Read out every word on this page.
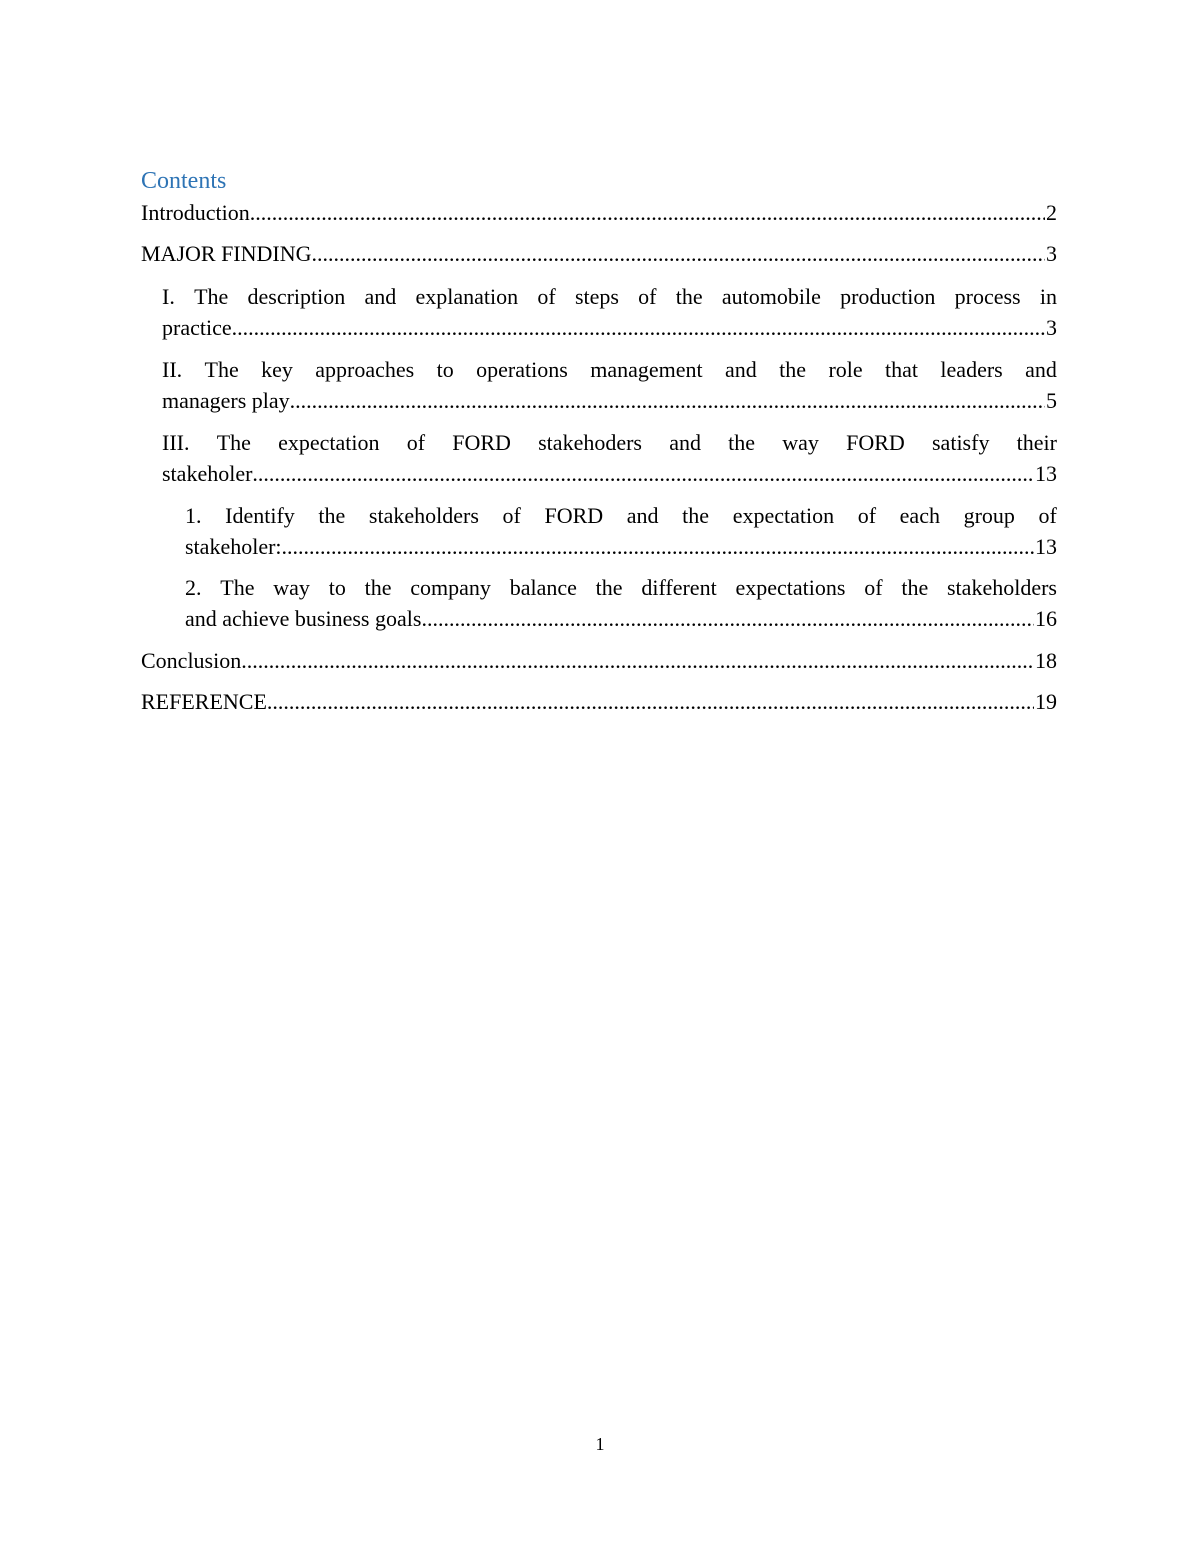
Contents
Introduction .....	2
MAJOR FINDING .....	3
I. The description and explanation of steps of the automobile production process in
practice .....	3
II. The key approaches to operations management and the role that leaders and
managers play .....	5
III. The expectation of FORD stakehoders and the way FORD satisfy their
stakeholer .....	13
1. Identify the stakeholders of FORD and the expectation of each group of
stakeholer: .....	13
2. The way to the company balance the different expectations of the stakeholders
and achieve business goals .....	16
Conclusion .....	18
REFERENCE .....	19
1
